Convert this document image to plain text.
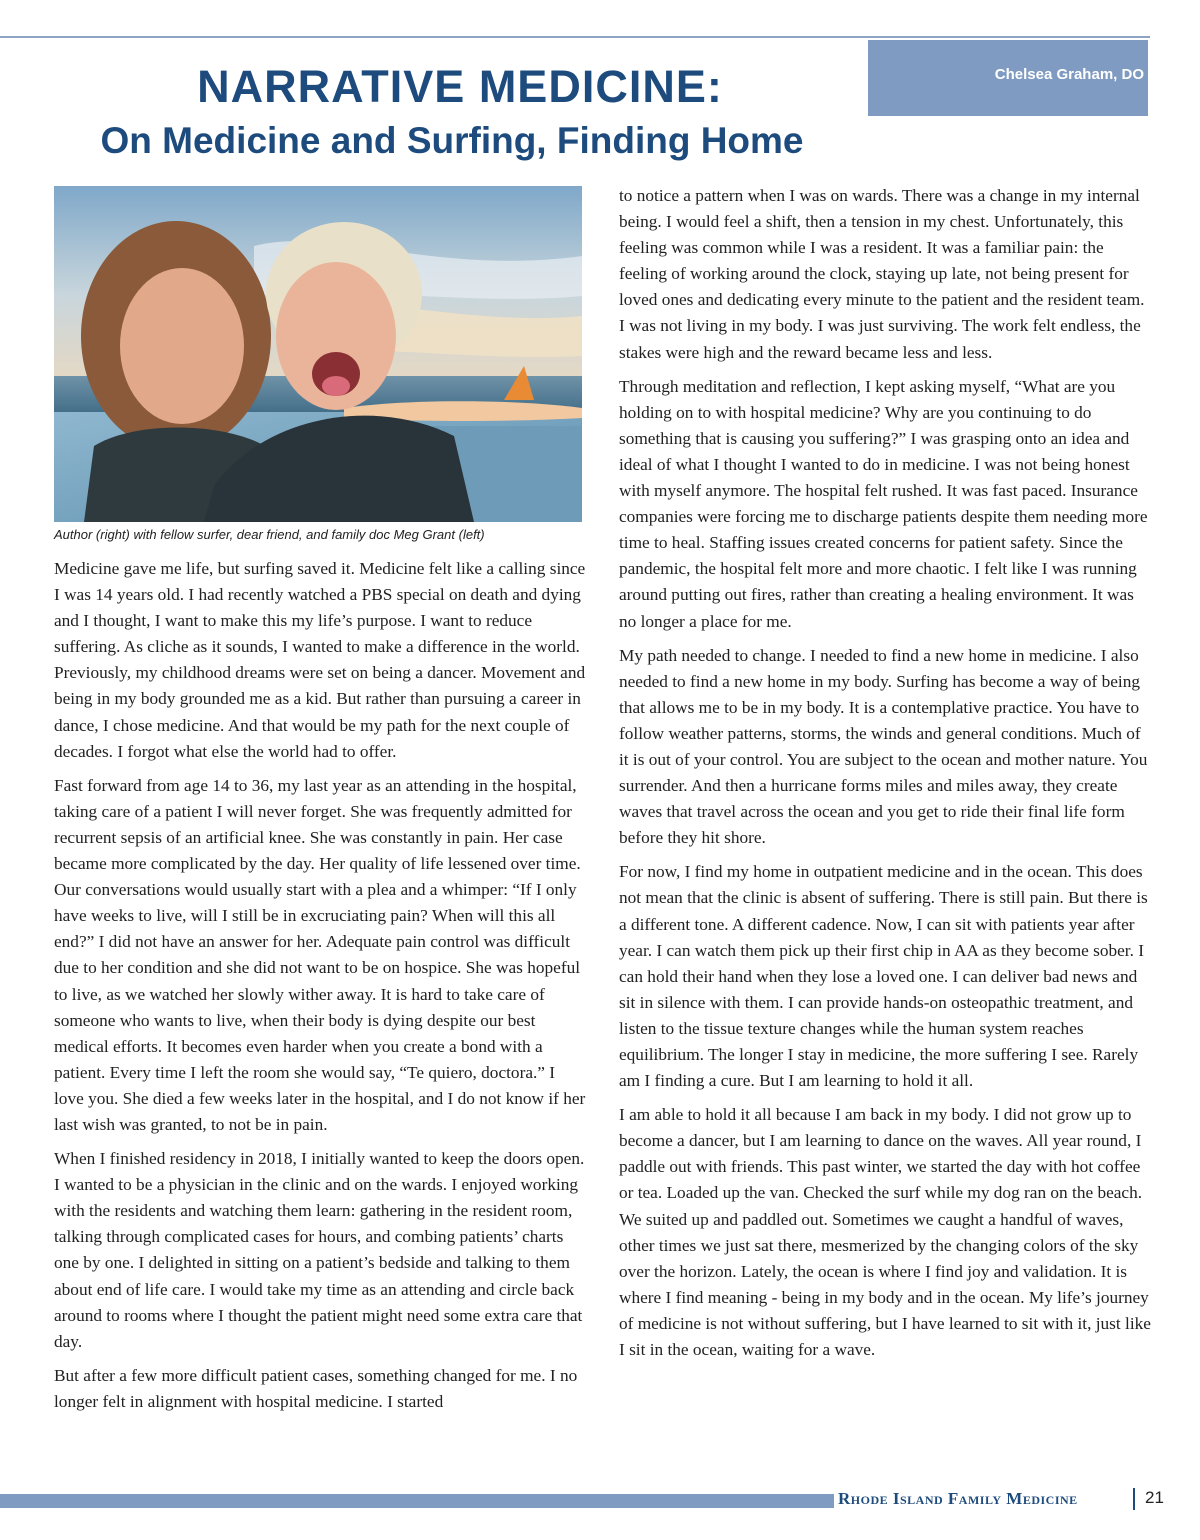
Chelsea Graham, DO
NARRATIVE MEDICINE:
On Medicine and Surfing, Finding Home
Author (right) with fellow surfer, dear friend, and family doc Meg Grant (left)

Medicine gave me life, but surfing saved it. Medicine felt like a calling since I was 14 years old. I had recently watched a PBS special on death and dying and I thought, I want to make this my life’s purpose. I want to reduce suffering. As cliche as it sounds, I wanted to make a difference in the world. Previously, my childhood dreams were set on being a dancer. Movement and being in my body grounded me as a kid. But rather than pursuing a career in dance, I chose medicine. And that would be my path for the next couple of decades. I forgot what else the world had to offer.

Fast forward from age 14 to 36, my last year as an attending in the hospital, taking care of a patient I will never forget. She was frequently admitted for recurrent sepsis of an artificial knee. She was constantly in pain. Her case became more complicated by the day. Her quality of life lessened over time. Our conversations would usually start with a plea and a whimper: “If I only have weeks to live, will I still be in excruciating pain? When will this all end?” I did not have an answer for her. Adequate pain control was difficult due to her condition and she did not want to be on hospice. She was hopeful to live, as we watched her slowly wither away. It is hard to take care of someone who wants to live, when their body is dying despite our best medical efforts. It becomes even harder when you create a bond with a patient. Every time I left the room she would say, “Te quiero, doctora.” I love you. She died a few weeks later in the hospital, and I do not know if her last wish was granted, to not be in pain.

When I finished residency in 2018, I initially wanted to keep the doors open. I wanted to be a physician in the clinic and on the wards. I enjoyed working with the residents and watching them learn: gathering in the resident room, talking through complicated cases for hours, and combing patients’ charts one by one. I delighted in sitting on a patient’s bedside and talking to them about end of life care. I would take my time as an attending and circle back around to rooms where I thought the patient might need some extra care that day.

But after a few more difficult patient cases, something changed for me. I no longer felt in alignment with hospital medicine. I started

to notice a pattern when I was on wards. There was a change in my internal being. I would feel a shift, then a tension in my chest. Unfortunately, this feeling was common while I was a resident. It was a familiar pain: the feeling of working around the clock, staying up late, not being present for loved ones and dedicating every minute to the patient and the resident team. I was not living in my body. I was just surviving. The work felt endless, the stakes were high and the reward became less and less.

Through meditation and reflection, I kept asking myself, “What are you holding on to with hospital medicine? Why are you continuing to do something that is causing you suffering?” I was grasping onto an idea and ideal of what I thought I wanted to do in medicine. I was not being honest with myself anymore. The hospital felt rushed. It was fast paced. Insurance companies were forcing me to discharge patients despite them needing more time to heal. Staffing issues created concerns for patient safety. Since the pandemic, the hospital felt more and more chaotic. I felt like I was running around putting out fires, rather than creating a healing environment. It was no longer a place for me.

My path needed to change. I needed to find a new home in medicine. I also needed to find a new home in my body. Surfing has become a way of being that allows me to be in my body. It is a contemplative practice. You have to follow weather patterns, storms, the winds and general conditions. Much of it is out of your control. You are subject to the ocean and mother nature. You surrender. And then a hurricane forms miles and miles away, they create waves that travel across the ocean and you get to ride their final life form before they hit shore.

For now, I find my home in outpatient medicine and in the ocean. This does not mean that the clinic is absent of suffering. There is still pain. But there is a different tone. A different cadence. Now, I can sit with patients year after year. I can watch them pick up their first chip in AA as they become sober. I can hold their hand when they lose a loved one. I can deliver bad news and sit in silence with them. I can provide hands-on osteopathic treatment, and listen to the tissue texture changes while the human system reaches equilibrium. The longer I stay in medicine, the more suffering I see. Rarely am I finding a cure. But I am learning to hold it all.

I am able to hold it all because I am back in my body. I did not grow up to become a dancer, but I am learning to dance on the waves. All year round, I paddle out with friends. This past winter, we started the day with hot coffee or tea. Loaded up the van. Checked the surf while my dog ran on the beach. We suited up and paddled out. Sometimes we caught a handful of waves, other times we just sat there, mesmerized by the changing colors of the sky over the horizon. Lately, the ocean is where I find joy and validation. It is where I find meaning - being in my body and in the ocean. My life’s journey of medicine is not without suffering, but I have learned to sit with it, just like I sit in the ocean, waiting for a wave.

Rhode Island Family Medicine	21
